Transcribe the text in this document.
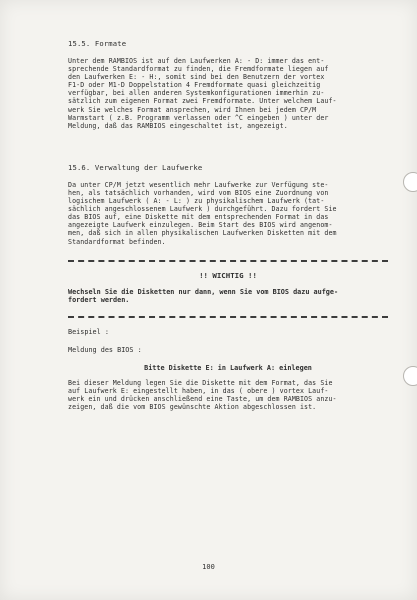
15.5. Formate
Unter dem RAMBIOS ist auf den Laufwerken A: - D: immer das ent-
sprechende Standardformat zu finden, die Fremdformate liegen auf
den Laufwerken E: - H:, somit sind bei den Benutzern der vortex
F1-D oder M1-D Doppelstation 4 Fremdformate quasi gleichzeitig
verfügbar, bei allen anderen Systemkonfigurationen immerhin zu-
sätzlich zum eigenen Format zwei Fremdformate. Unter welchem Lauf-
werk Sie welches Format ansprechen, wird Ihnen bei jedem CP/M
Warmstart ( z.B. Programm verlassen oder ^C eingeben ) unter der
Meldung, daß das RAMBIOS eingeschaltet ist, angezeigt.
15.6. Verwaltung der Laufwerke
Da unter CP/M jetzt wesentlich mehr Laufwerke zur Verfügung ste-
hen, als tatsächlich vorhanden, wird vom BIOS eine Zuordnung von
logischem Laufwerk ( A: - L: ) zu physikalischem Laufwerk (tat-
sächlich angeschlossenem Laufwerk ) durchgeführt. Dazu fordert Sie
das BIOS auf, eine Diskette mit dem entsprechenden Format in das
angezeigte Laufwerk einzulegen. Beim Start des BIOS wird angenom-
men, daß sich in allen physikalischen Laufwerken Disketten mit dem
Standardformat befinden.
!! WICHTIG !!
Wechseln Sie die Disketten nur dann, wenn Sie vom BIOS dazu aufge-
fordert werden.
Beispiel :
Meldung des BIOS :
Bitte Diskette E: in Laufwerk A: einlegen
Bei dieser Meldung legen Sie die Diskette mit dem Format, das Sie
auf Laufwerk E: eingestellt haben, in das ( obere ) vortex Lauf-
werk ein und drücken anschließend eine Taste, um dem RAMBIOS anzu-
zeigen, daß die vom BIOS gewünschte Aktion abgeschlossen ist.
100
